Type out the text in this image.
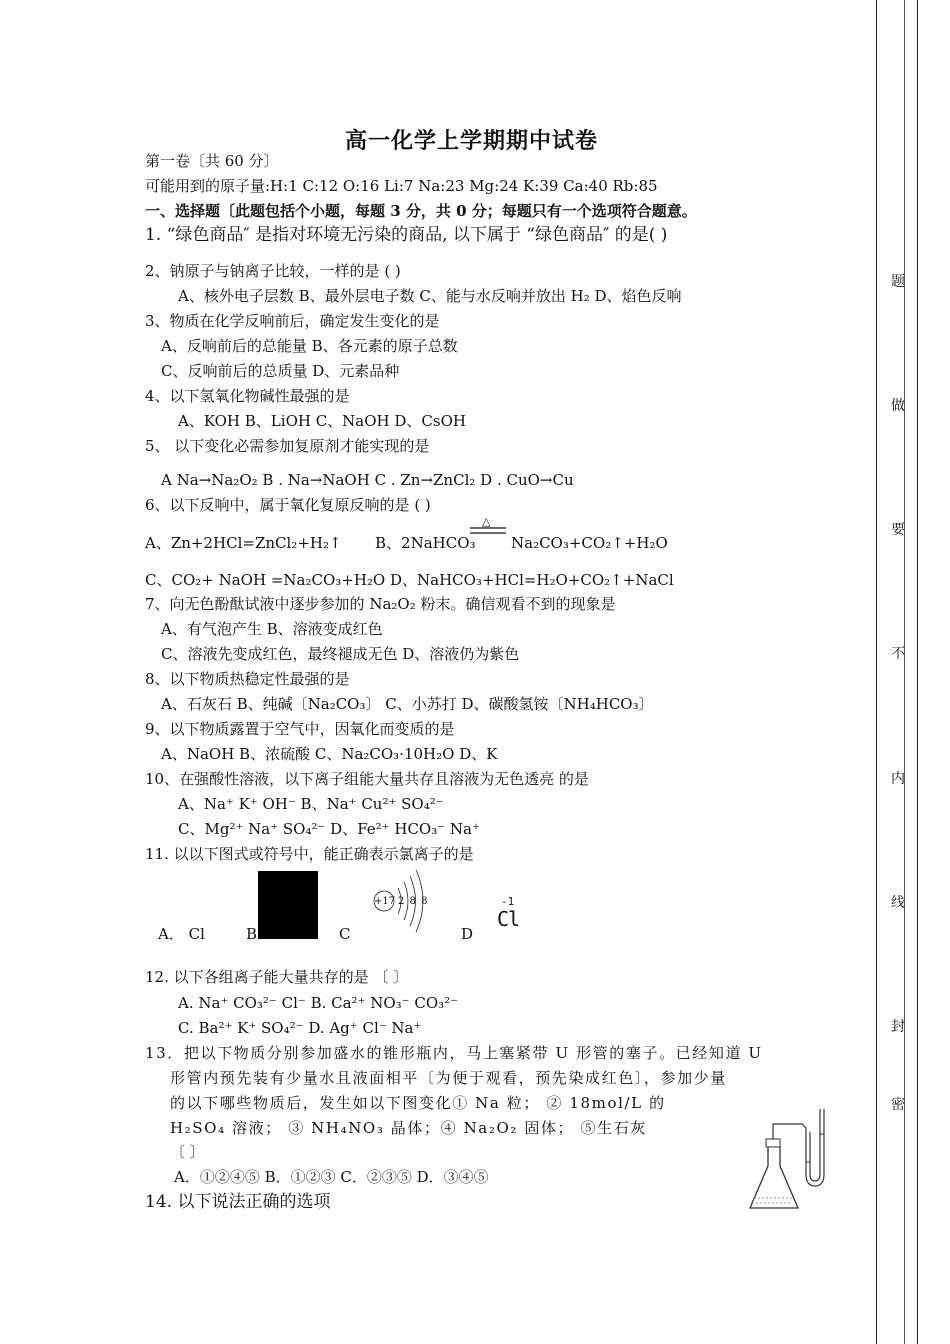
题
做
要
不
内
线
封
密
高一化学上学期期中试卷
第一卷〔共 60 分〕
可能用到的原子量:H:1 C:12 O:16 Li:7 Na:23 Mg:24 K:39 Ca:40 Rb:85
一、选择题〔此题包括个小题，每题 3 分，共 0 分；每题只有一个选项符合题意。
1. “绿色商品″ 是指对环境无污染的商品, 以下属于 “绿色商品″ 的是( )
2、钠原子与钠离子比较，一样的是 ( )
A、核外电子层数 B、最外层电子数 C、能与水反响并放出 H₂ D、焰色反响
3、物质在化学反响前后，确定发生变化的是
A、反响前后的总能量 B、各元素的原子总数
C、反响前后的总质量 D、元素品种
4、以下氢氧化物碱性最强的是
A、KOH B、LiOH C、NaOH D、CsOH
5、 以下变化必需参加复原剂才能实现的是
A Na→Na₂O₂ B . Na→NaOH C . Zn→ZnCl₂ D . CuO→Cu
6、以下反响中，属于氧化复原反响的是 ( )
A、Zn+2HCl=ZnCl₂+H₂↑ B、2NaHCO₃
△
Na₂CO₃+CO₂↑+H₂O
C、CO₂+ NaOH =Na₂CO₃+H₂O D、NaHCO₃+HCl=H₂O+CO₂↑+NaCl
7、向无色酚酞试液中逐步参加的 Na₂O₂ 粉末。确信观看不到的现象是
A、有气泡产生 B、溶液变成红色
C、溶液先变成红色，最终褪成无色 D、溶液仍为紫色
8、以下物质热稳定性最强的是
A、石灰石 B、纯碱〔Na₂CO₃〕 C、小苏打 D、碳酸氢铵〔NH₄HCO₃〕
9、以下物质露置于空气中，因氧化而变质的是
A、NaOH B、浓硫酸 C、Na₂CO₃·10H₂O D、K
10、在强酸性溶液，以下离子组能大量共存且溶液为无色透亮 的是
A、Na⁺ K⁺ OH⁻ B、Na⁺ Cu²⁺ SO₄²⁻
C、Mg²⁺ Na⁺ SO₄²⁻ D、Fe²⁺ HCO₃⁻ Na⁺
11. 以以下图式或符号中，能正确表示氯离子的是
A． Cl	B	C
+17 2 8 8
D
-1
Cl
12. 以下各组离子能大量共存的是 〔 〕
A. Na⁺ CO₃²⁻ Cl⁻ B. Ca²⁺ NO₃⁻ CO₃²⁻
C. Ba²⁺ K⁺ SO₄²⁻ D. Ag⁺ Cl⁻ Na⁺
13．把以下物质分别参加盛水的锥形瓶内，马上塞紧带 U 形管的塞子。已经知道 U
形管内预先装有少量水且液面相平〔为便于观看，预先染成红色〕，参加少量
的以下哪些物质后，发生如以下图变化① Na 粒； ② 18mol/L 的
H₂SO₄ 溶液； ③ NH₄NO₃ 晶体；④ Na₂O₂ 固体； ⑤生石灰
〔 〕
A．①②④⑤ B．①②③ C．②③⑤ D．③④⑤
14. 以下说法正确的选项
